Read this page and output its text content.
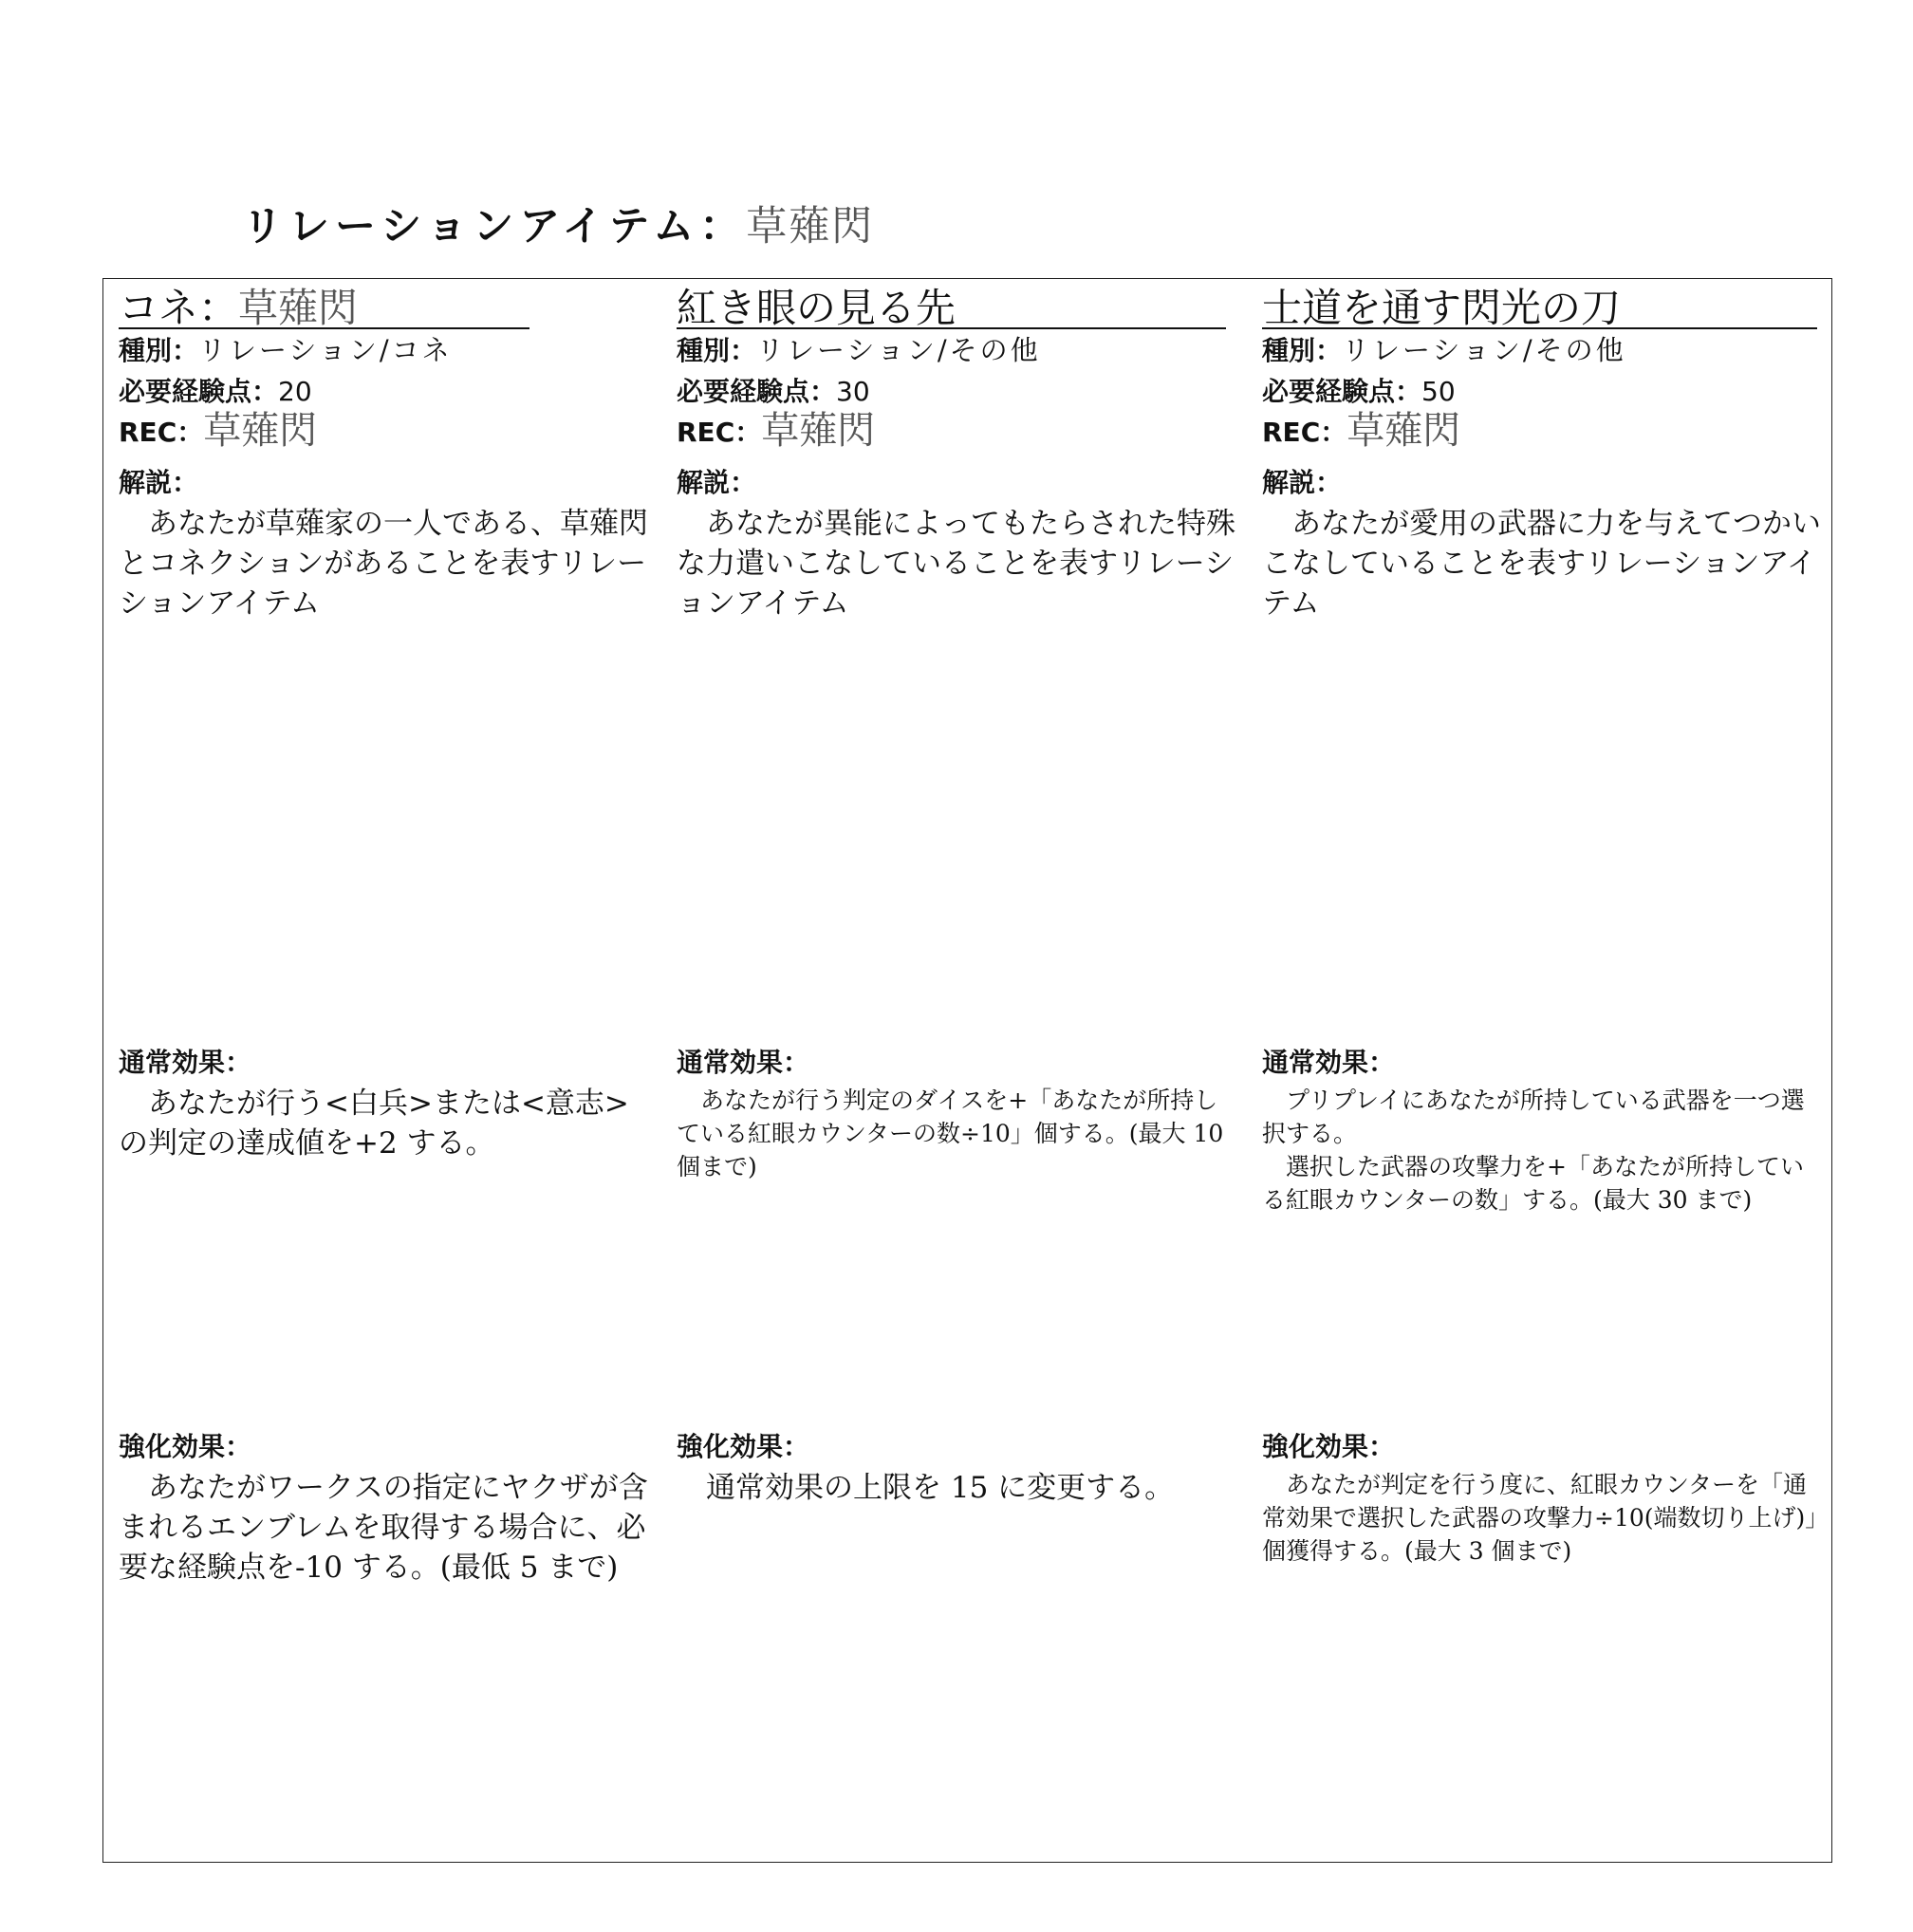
リレーションアイテム：草薙閃
コネ：草薙閃
種別：リレーション/コネ
必要経験点：20
REC：草薙閃
解説：
　あなたが草薙家の一人である、草薙閃とコネクションがあることを表すリレーションアイテム
通常効果：
　あなたが行う<白兵>または<意志>の判定の達成値を+2 する。
強化効果：
　あなたがワークスの指定にヤクザが含まれるエンブレムを取得する場合に、必要な経験点を-10 する。(最低 5 まで)
紅き眼の見る先
種別：リレーション/その他
必要経験点：30
REC：草薙閃
解説：
　あなたが異能によってもたらされた特殊な力遣いこなしていることを表すリレーションアイテム
通常効果：
　あなたが行う判定のダイスを+「あなたが所持している紅眼カウンターの数÷10」個する。(最大 10 個まで)
強化効果：
　通常効果の上限を 15 に変更する。
士道を通す閃光の刀
種別：リレーション/その他
必要経験点：50
REC：草薙閃
解説：
　あなたが愛用の武器に力を与えてつかいこなしていることを表すリレーションアイテム
通常効果：
　プリプレイにあなたが所持している武器を一つ選択する。
　選択した武器の攻撃力を+「あなたが所持している紅眼カウンターの数」する。(最大 30 まで)
強化効果：
　あなたが判定を行う度に、紅眼カウンターを「通常効果で選択した武器の攻撃力÷10(端数切り上げ)」個獲得する。(最大 3 個まで)
